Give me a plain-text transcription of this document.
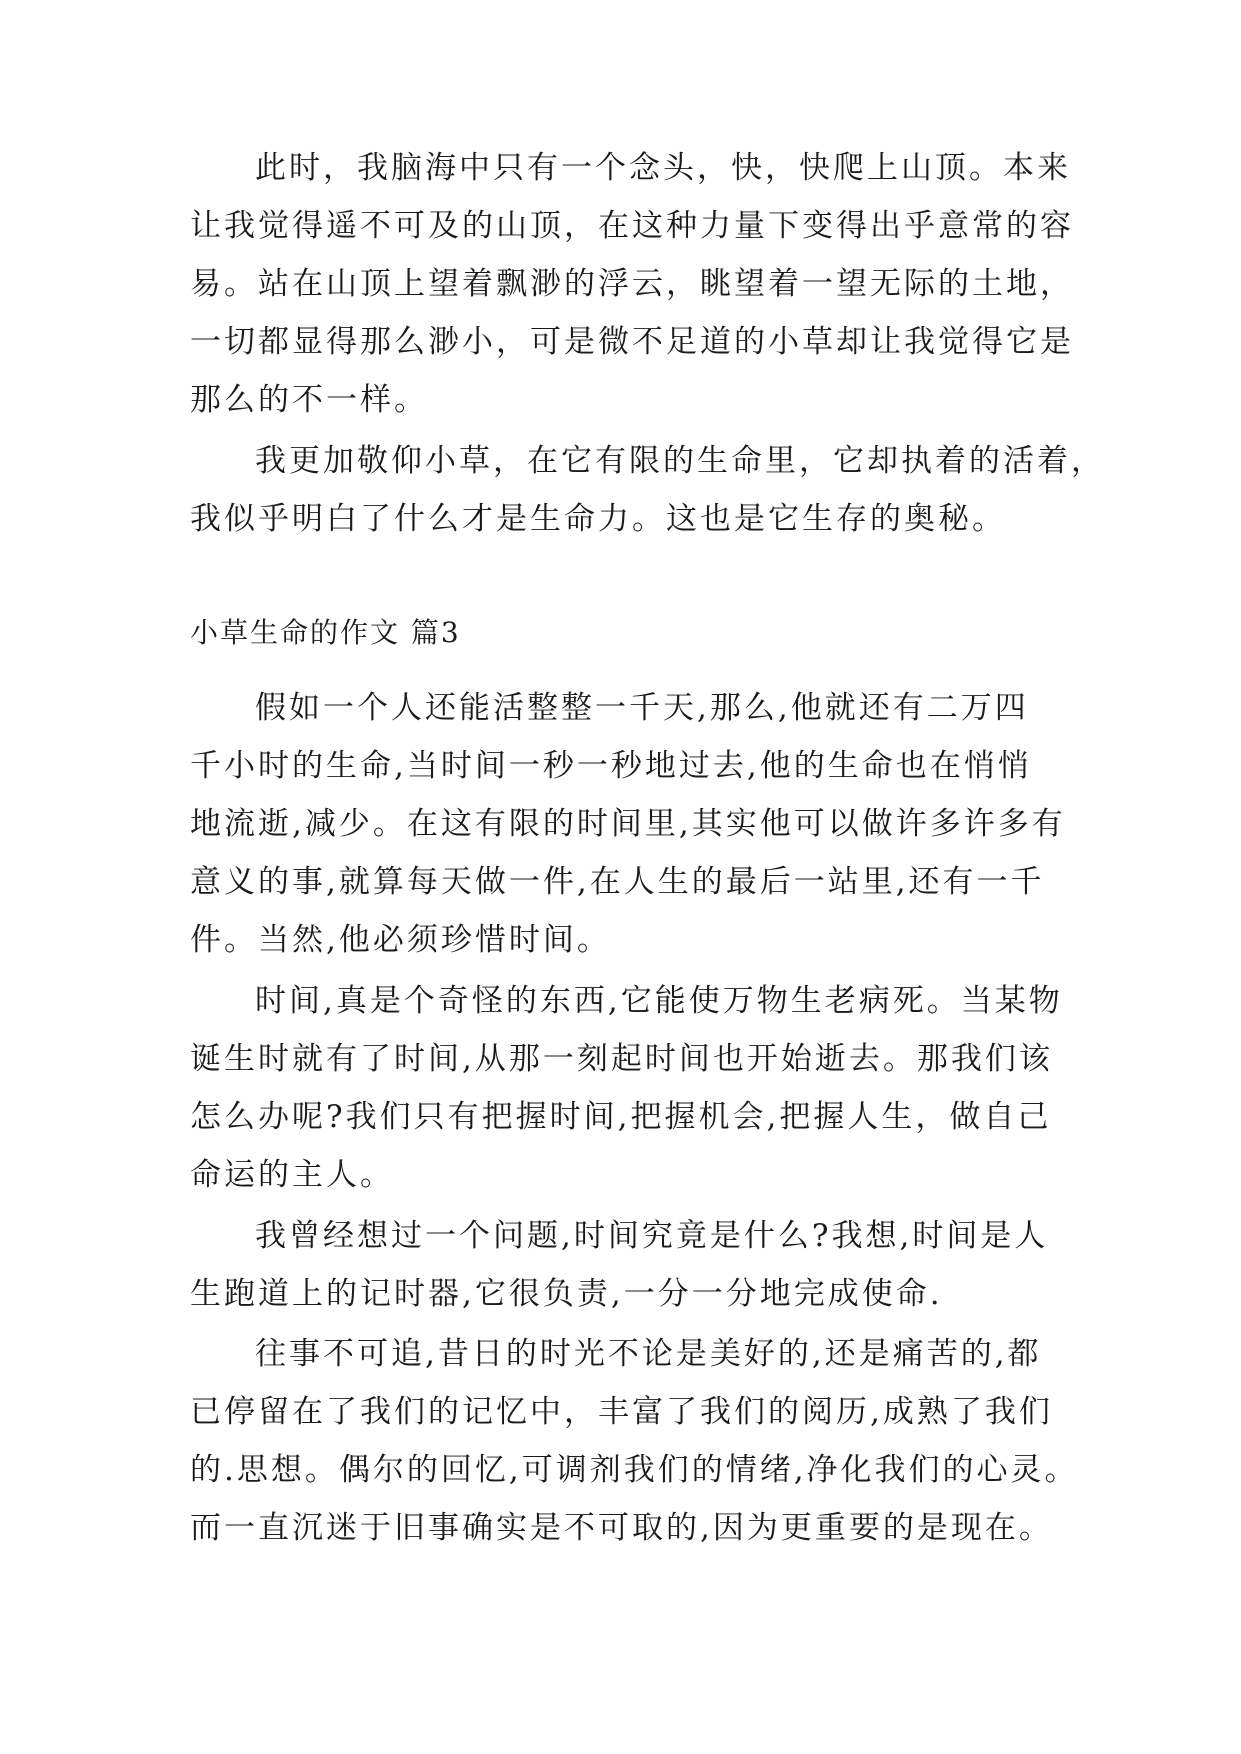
此时，我脑海中只有一个念头，快，快爬上山顶。本来
让我觉得遥不可及的山顶，在这种力量下变得出乎意常的容
易。站在山顶上望着飘渺的浮云，眺望着一望无际的土地，
一切都显得那么渺小，可是微不足道的小草却让我觉得它是
那么的不一样。
我更加敬仰小草，在它有限的生命里，它却执着的活着，
我似乎明白了什么才是生命力。这也是它生存的奥秘。
小草生命的作文 篇3
假如一个人还能活整整一千天,那么,他就还有二万四
千小时的生命,当时间一秒一秒地过去,他的生命也在悄悄
地流逝,减少。在这有限的时间里,其实他可以做许多许多有
意义的事,就算每天做一件,在人生的最后一站里,还有一千
件。当然,他必须珍惜时间。
时间,真是个奇怪的东西,它能使万物生老病死。当某物
诞生时就有了时间,从那一刻起时间也开始逝去。那我们该
怎么办呢?我们只有把握时间,把握机会,把握人生，做自己
命运的主人。
我曾经想过一个问题,时间究竟是什么?我想,时间是人
生跑道上的记时器,它很负责,一分一分地完成使命.
往事不可追,昔日的时光不论是美好的,还是痛苦的,都
已停留在了我们的记忆中，丰富了我们的阅历,成熟了我们
的.思想。偶尔的回忆,可调剂我们的情绪,净化我们的心灵。
而一直沉迷于旧事确实是不可取的,因为更重要的是现在。
